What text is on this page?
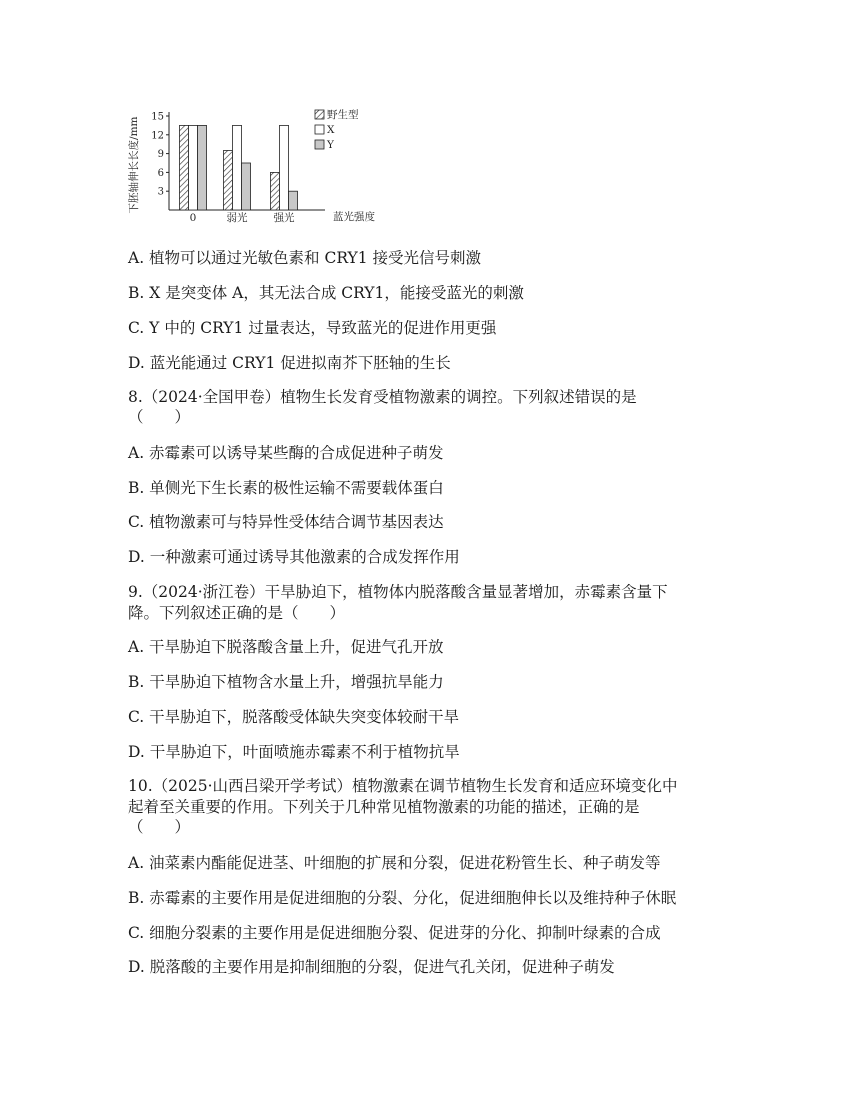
下胚轴伸长长度/mm
蓝光强度
3
6
9
12
15
0	弱光 强光
野生型
X
Y
A. 植物可以通过光敏色素和 CRY1 接受光信号刺激
B. X 是突变体 A，其无法合成 CRY1，能接受蓝光的刺激
C. Y 中的 CRY1 过量表达，导致蓝光的促进作用更强
D. 蓝光能通过 CRY1 促进拟南芥下胚轴的生长
8.（2024·全国甲卷）植物生长发育受植物激素的调控。下列叙述错误的是
（　　）
A. 赤霉素可以诱导某些酶的合成促进种子萌发
B. 单侧光下生长素的极性运输不需要载体蛋白
C. 植物激素可与特异性受体结合调节基因表达
D. 一种激素可通过诱导其他激素的合成发挥作用
9.（2024·浙江卷）干旱胁迫下，植物体内脱落酸含量显著增加，赤霉素含量下
降。下列叙述正确的是（　　）
A. 干旱胁迫下脱落酸含量上升，促进气孔开放
B. 干旱胁迫下植物含水量上升，增强抗旱能力
C. 干旱胁迫下，脱落酸受体缺失突变体较耐干旱
D. 干旱胁迫下，叶面喷施赤霉素不利于植物抗旱
10.（2025·山西吕梁开学考试）植物激素在调节植物生长发育和适应环境变化中
起着至关重要的作用。下列关于几种常见植物激素的功能的描述，正确的是
（　　）
A. 油菜素内酯能促进茎、叶细胞的扩展和分裂，促进花粉管生长、种子萌发等
B. 赤霉素的主要作用是促进细胞的分裂、分化，促进细胞伸长以及维持种子休眠
C. 细胞分裂素的主要作用是促进细胞分裂、促进芽的分化、抑制叶绿素的合成
D. 脱落酸的主要作用是抑制细胞的分裂，促进气孔关闭，促进种子萌发
